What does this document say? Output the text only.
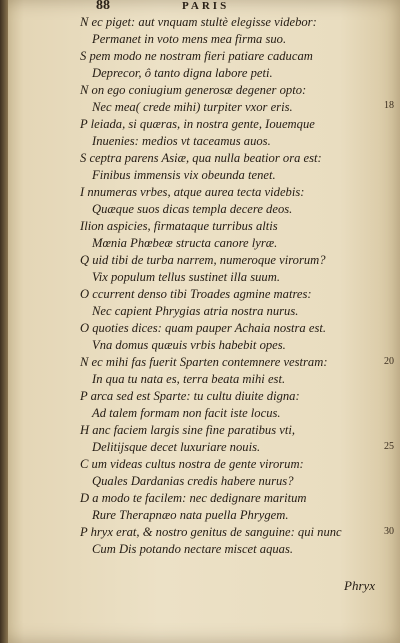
88	PARIS
N ec piget: aut vnquam stultè elegisse videbor:
Permanet in voto mens mea firma suo.
S pem modo ne nostram fieri patiare caducam
Deprecor, ô tanto digna labore peti.
N on ego coniugium generosæ degener opto:
Nec mea( crede mihi) turpiter vxor eris.
P leiada, si quæras, in nostra gente, Iouemque
Inuenies: medios vt taceamus auos.
S ceptra parens Asiæ, qua nulla beatior ora est:
Finibus immensis vix obeunda tenet.
I nnumeras vrbes, atque aurea tecta videbis:
Quæque suos dicas templa decere deos.
Ilion aspicies, firmataque turribus altis
Mœnia Phœbeæ structa canore lyræ.
Q uid tibi de turba narrem, numeroque virorum?
Vix populum tellus sustinet illa suum.
O ccurrent denso tibi Troades agmine matres:
Nec capient Phrygias atria nostra nurus.
O quoties dices: quam pauper Achaia nostra est.
Vna domus quæuis vrbis habebit opes.
N ec mihi fas fuerit Sparten contemnere vestram:
In qua tu nata es, terra beata mihi est.
P arca sed est Sparte: tu cultu diuite digna:
Ad talem formam non facit iste locus.
H anc faciem largis sine fine paratibus vti,
Delitijsque decet luxuriare nouis.
C um videas cultus nostra de gente virorum:
Quales Dardanias credis habere nurus?
D a modo te facilem: nec dedignare maritum
Rure Therapnæo nata puella Phrygem.
P hryx erat, & nostro genitus de sanguine: qui nunc
Cum Dis potando nectare miscet aquas.
18
20
25
30
Phryx
